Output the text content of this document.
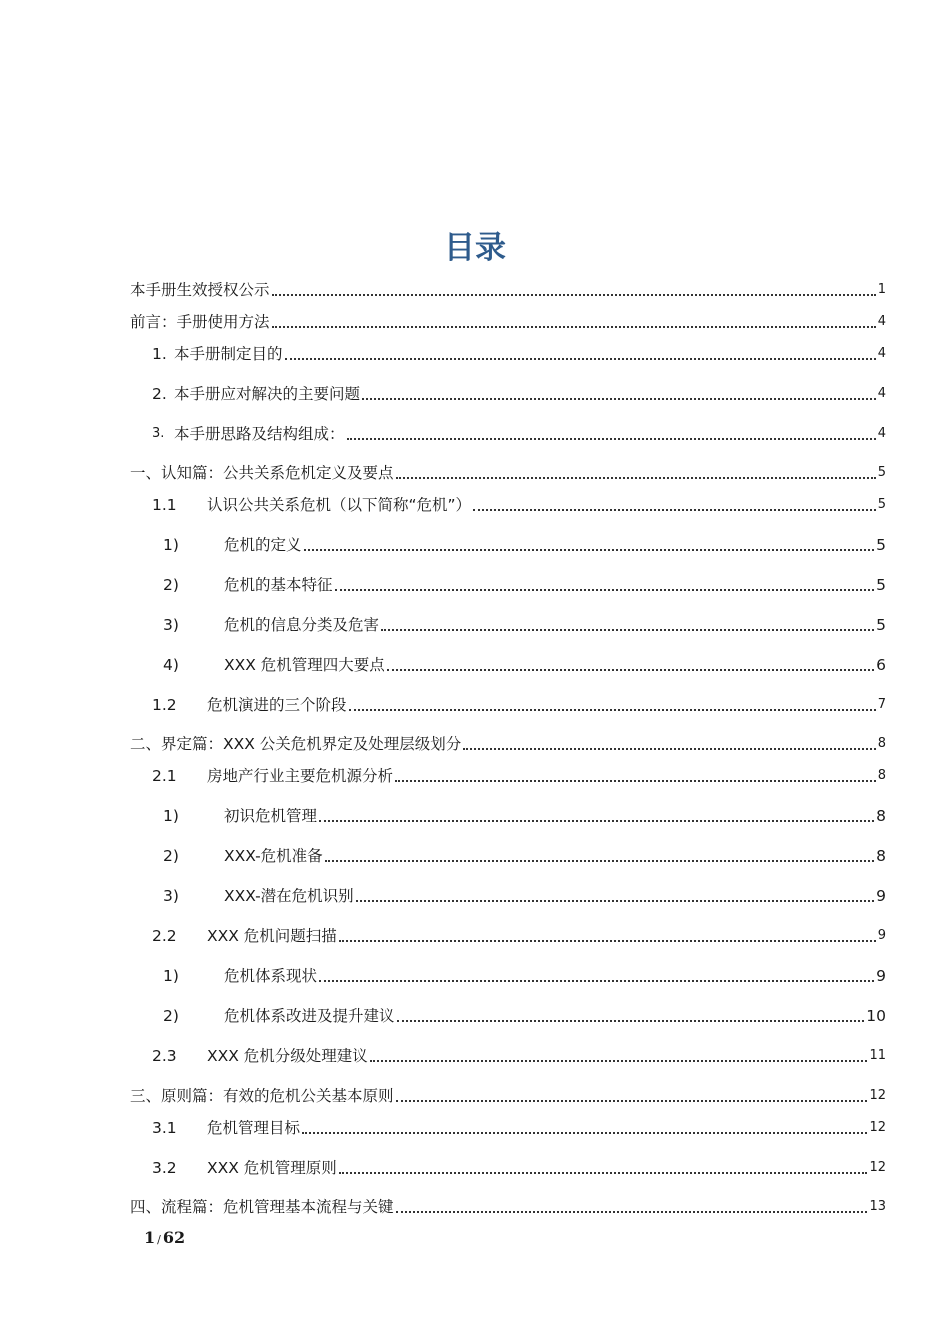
目录
本手册生效授权公示	1
前言：手册使用方法	4
1. 本手册制定目的	4
2. 本手册应对解决的主要问题	4
3. 本手册思路及结构组成：	4
一、认知篇：公共关系危机定义及要点	5
1.1	认识公共关系危机（以下简称“危机”）	5
1)	危机的定义	5
2)	危机的基本特征	5
3)	危机的信息分类及危害	5
4)	XXX 危机管理四大要点	6
1.2	危机演进的三个阶段	7
二、界定篇：XXX 公关危机界定及处理层级划分	8
2.1	房地产行业主要危机源分析	8
1)	初识危机管理	8
2)	XXX-危机准备	8
3)	XXX-潜在危机识别	9
2.2	XXX 危机问题扫描	9
1)	危机体系现状	9
2)	危机体系改进及提升建议	10
2.3	XXX 危机分级处理建议	11
三、原则篇：有效的危机公关基本原则	12
3.1	危机管理目标	12
3.2	XXX 危机管理原则	12
四、流程篇：危机管理基本流程与关键	13
1 / 62
